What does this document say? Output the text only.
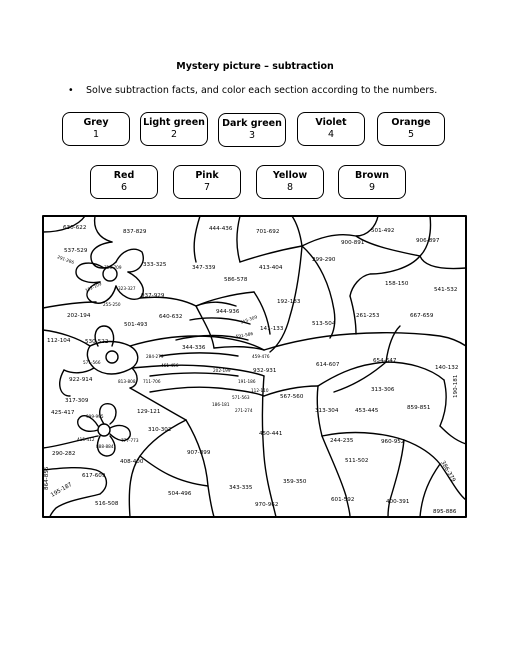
Mystery picture – subtraction
• Solve subtraction facts, and color each section according to the numbers.
Grey
1
Light green
2
Dark green
3
Violet
4
Orange
5
Red
6
Pink
7
Yellow
8
Brown
9
630-622
837-829	444-436	701-692	501-492
906-897
900-891
537-529
333-325	347-339	413-404
299-290
158-150
541-532
586-578
192-183
937-929
261-253	667-659
202-194
501-493
640-632
944-936
141-133
513-504
112-104	530-522
344-336
614-607
654-647
140-132
922-914
571-566
284-279
932-931
313-306
202-199
567-560
317-309
813-808 711-706
425-417	129-121	313-304	453-445	859-851
190-181
310-302
450-441
244-235	960-952
999-995
290-282
408-400
907-899
511-502	386-379
617-609
359-350
516-508
504-496
343-335
601-592	400-391
195-187
970-962
895-886
715-709
112-109
255-250
315-309
591-586
323-327
888-884
777-773
461-456
459-476
415-412
112-110
571-563
271-274
291-286
191-186
186-181
864-855
